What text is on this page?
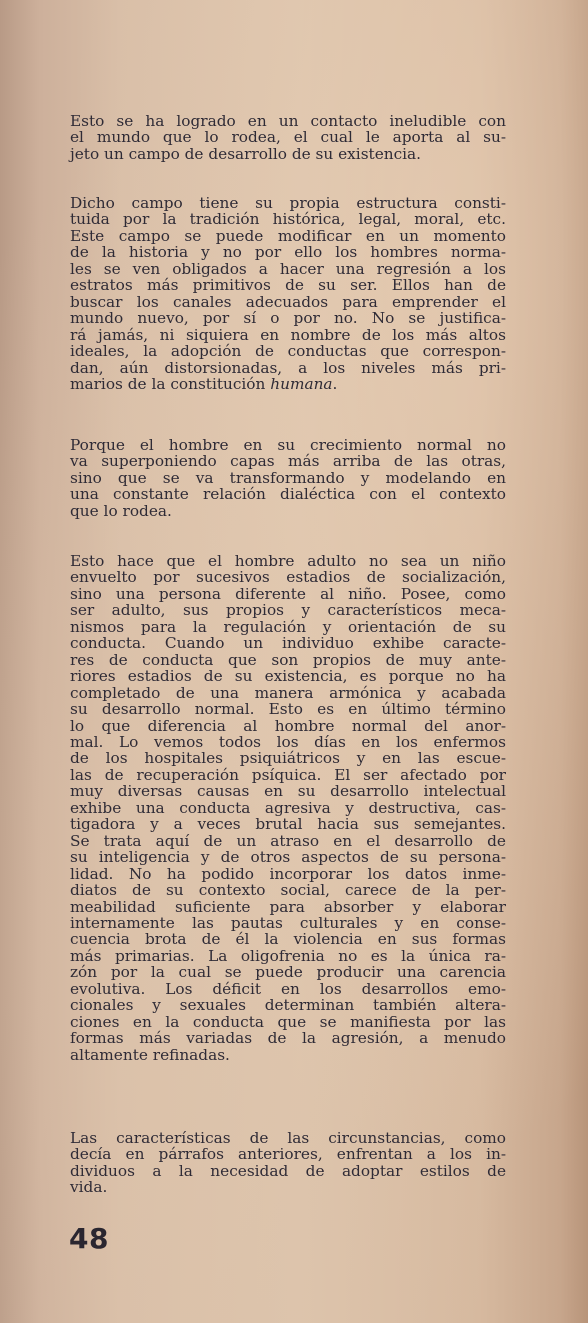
Esto se ha logrado en un contacto ineludible con
el mundo que lo rodea, el cual le aporta al su-
jeto un campo de desarrollo de su existencia.
Dicho campo tiene su propia estructura consti-
tuida por la tradición histórica, legal, moral, etc.
Este campo se puede modificar en un momento
de la historia y no por ello los hombres norma-
les se ven obligados a hacer una regresión a los
estratos más primitivos de su ser. Ellos han de
buscar los canales adecuados para emprender el
mundo nuevo, por sí o por no. No se justifica-
rá jamás, ni siquiera en nombre de los más altos
ideales, la adopción de conductas que correspon-
dan, aún distorsionadas, a los niveles más pri-
marios de la constitución humana.
Porque el hombre en su crecimiento normal no
va superponiendo capas más arriba de las otras,
sino que se va transformando y modelando en
una constante relación dialéctica con el contexto
que lo rodea.
Esto hace que el hombre adulto no sea un niño
envuelto por sucesivos estadios de socialización,
sino una persona diferente al niño. Posee, como
ser adulto, sus propios y característicos meca-
nismos para la regulación y orientación de su
conducta. Cuando un individuo exhibe caracte-
res de conducta que son propios de muy ante-
riores estadios de su existencia, es porque no ha
completado de una manera armónica y acabada
su desarrollo normal. Esto es en último término
lo que diferencia al hombre normal del anor-
mal. Lo vemos todos los días en los enfermos
de los hospitales psiquiátricos y en las escue-
las de recuperación psíquica. El ser afectado por
muy diversas causas en su desarrollo intelectual
exhibe una conducta agresiva y destructiva, cas-
tigadora y a veces brutal hacia sus semejantes.
Se trata aquí de un atraso en el desarrollo de
su inteligencia y de otros aspectos de su persona-
lidad. No ha podido incorporar los datos inme-
diatos de su contexto social, carece de la per-
meabilidad suficiente para absorber y elaborar
internamente las pautas culturales y en conse-
cuencia brota de él la violencia en sus formas
más primarias. La oligofrenia no es la única ra-
zón por la cual se puede producir una carencia
evolutiva. Los déficit en los desarrollos emo-
cionales y sexuales determinan también altera-
ciones en la conducta que se manifiesta por las
formas más variadas de la agresión, a menudo
altamente refinadas.
Las características de las circunstancias, como
decía en párrafos anteriores, enfrentan a los in-
dividuos a la necesidad de adoptar estilos de
vida.
48
